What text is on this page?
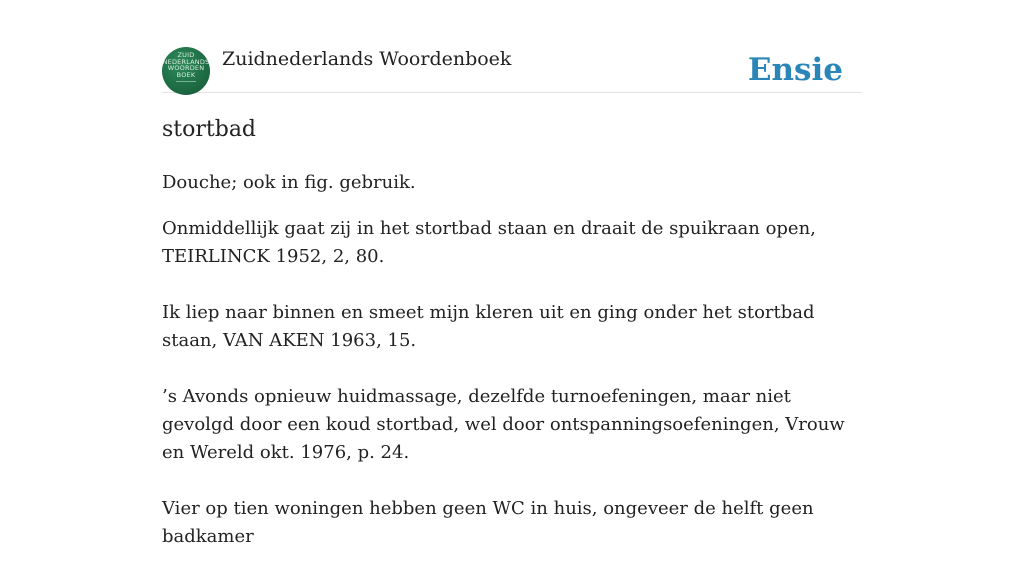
ZUID
NEDERLANDS
WOORDEN
BOEK
Zuidnederlands Woordenboek	Ensie
stortbad

Douche; ook in fig. gebruik.

Onmiddellijk gaat zij in het stortbad staan en draait de spuikraan open, TEIRLINCK 1952, 2, 80.

Ik liep naar binnen en smeet mijn kleren uit en ging onder het stortbad staan, VAN AKEN 1963, 15.

’s Avonds opnieuw huidmassage, dezelfde turnoefeningen, maar niet gevolgd door een koud stortbad, wel door ontspanningsoefeningen, Vrouw en Wereld okt. 1976, p. 24.

Vier op tien woningen hebben geen WC in huis, ongeveer de helft geen badkamer
